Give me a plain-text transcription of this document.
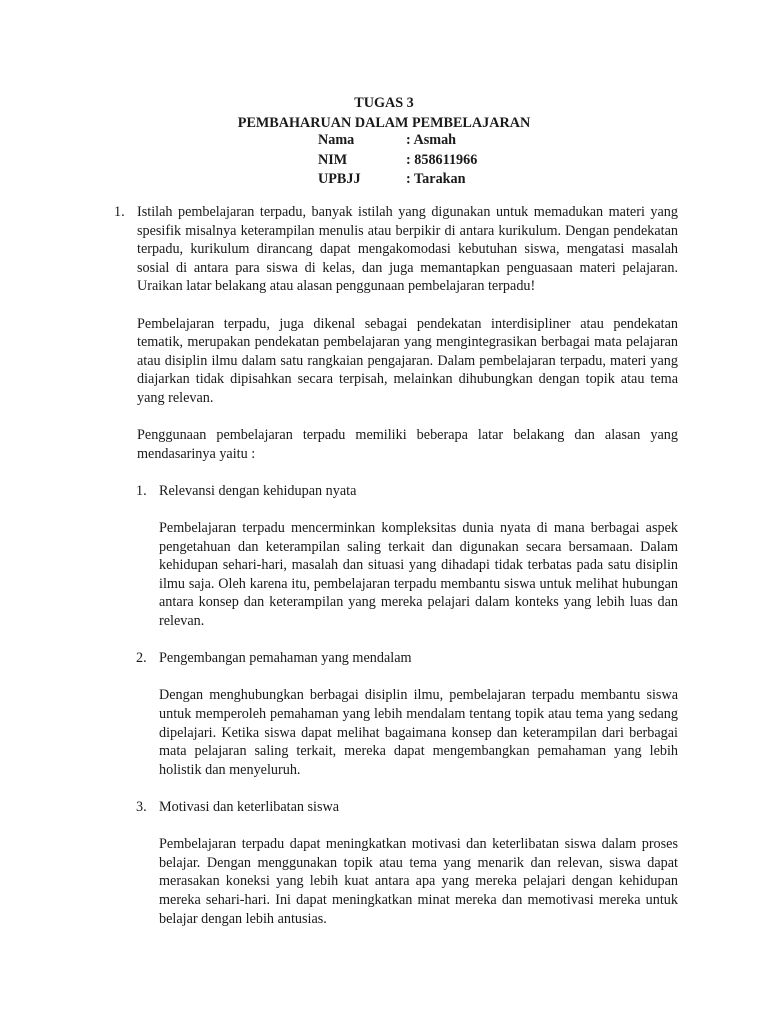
TUGAS 3
PEMBAHARUAN DALAM PEMBELAJARAN
Nama	: Asmah
NIM	: 858611966
UPBJJ	: Tarakan
1. Istilah pembelajaran terpadu, banyak istilah yang digunakan untuk memadukan materi yang spesifik misalnya keterampilan menulis atau berpikir di antara kurikulum. Dengan pendekatan terpadu, kurikulum dirancang dapat mengakomodasi kebutuhan siswa, mengatasi masalah sosial di antara para siswa di kelas, dan juga memantapkan penguasaan materi pelajaran. Uraikan latar belakang atau alasan penggunaan pembelajaran terpadu!

Pembelajaran terpadu, juga dikenal sebagai pendekatan interdisipliner atau pendekatan tematik, merupakan pendekatan pembelajaran yang mengintegrasikan berbagai mata pelajaran atau disiplin ilmu dalam satu rangkaian pengajaran. Dalam pembelajaran terpadu, materi yang diajarkan tidak dipisahkan secara terpisah, melainkan dihubungkan dengan topik atau tema yang relevan.

Penggunaan pembelajaran terpadu memiliki beberapa latar belakang dan alasan yang mendasarinya yaitu :

1. Relevansi dengan kehidupan nyata

Pembelajaran terpadu mencerminkan kompleksitas dunia nyata di mana berbagai aspek pengetahuan dan keterampilan saling terkait dan digunakan secara bersamaan. Dalam kehidupan sehari-hari, masalah dan situasi yang dihadapi tidak terbatas pada satu disiplin ilmu saja. Oleh karena itu, pembelajaran terpadu membantu siswa untuk melihat hubungan antara konsep dan keterampilan yang mereka pelajari dalam konteks yang lebih luas dan relevan.

2. Pengembangan pemahaman yang mendalam

Dengan menghubungkan berbagai disiplin ilmu, pembelajaran terpadu membantu siswa untuk memperoleh pemahaman yang lebih mendalam tentang topik atau tema yang sedang dipelajari. Ketika siswa dapat melihat bagaimana konsep dan keterampilan dari berbagai mata pelajaran saling terkait, mereka dapat mengembangkan pemahaman yang lebih holistik dan menyeluruh.

3. Motivasi dan keterlibatan siswa

Pembelajaran terpadu dapat meningkatkan motivasi dan keterlibatan siswa dalam proses belajar. Dengan menggunakan topik atau tema yang menarik dan relevan, siswa dapat merasakan koneksi yang lebih kuat antara apa yang mereka pelajari dengan kehidupan mereka sehari-hari. Ini dapat meningkatkan minat mereka dan memotivasi mereka untuk belajar dengan lebih antusias.
